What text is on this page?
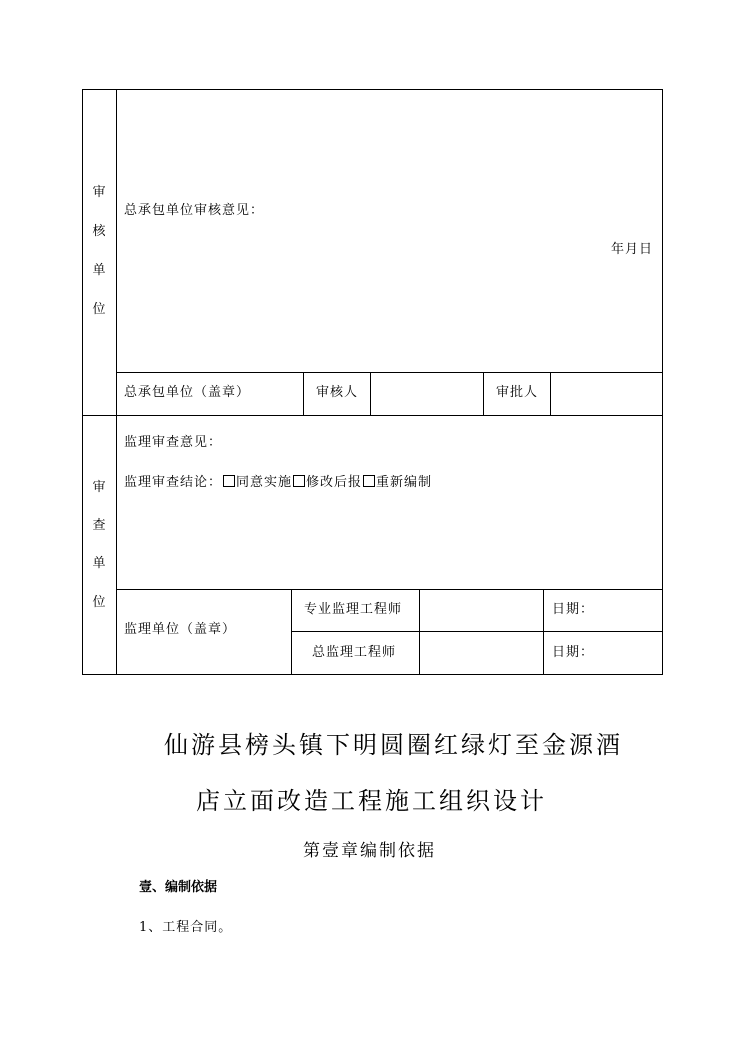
审
核
单
位
总承包单位审核意见：
年月日
总承包单位（盖章）	审核人	审批人
审
查
单
位
监理审查意见：
监理审查结论： 同意实施 修改后报 重新编制
监理单位（盖章）
专业监理工程师
总监理工程师
日期：
日期：
仙游县榜头镇下明圆圈红绿灯至金源酒
店立面改造工程施工组织设计
第壹章编制依据
壹、编制依据
1、工程合同。
